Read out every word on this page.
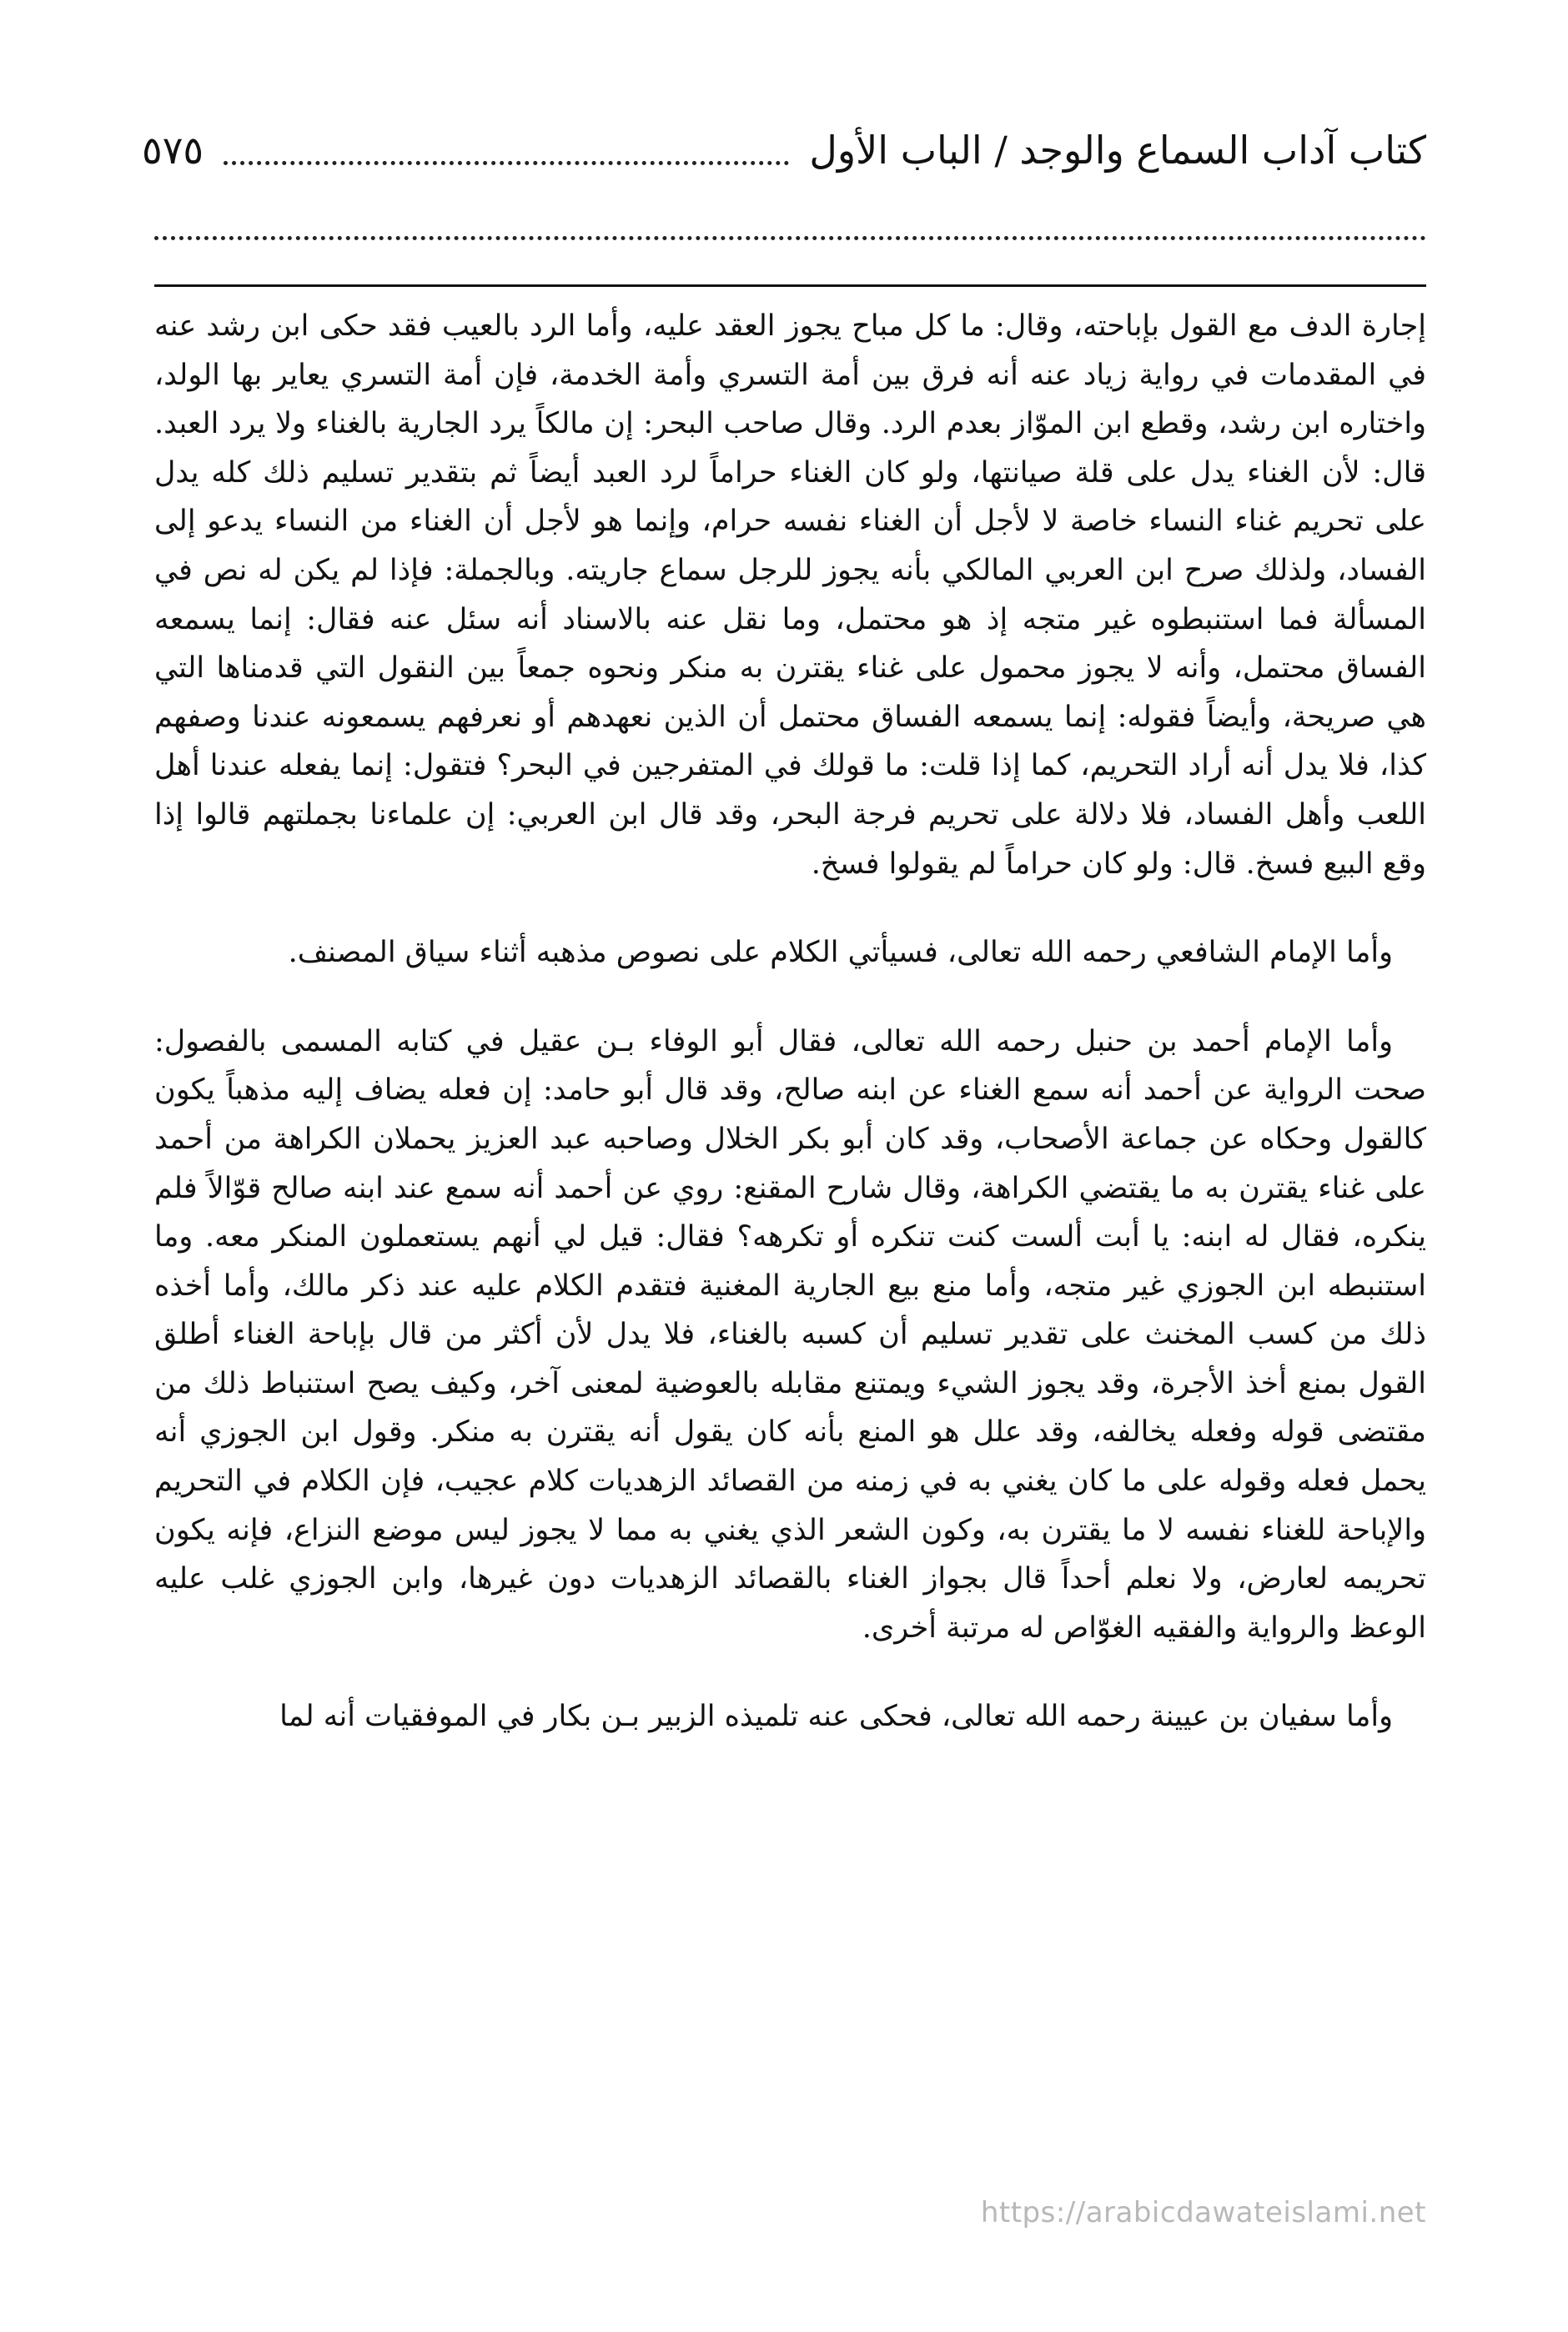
كتاب آداب السماع والوجد / الباب الأول
٥٧٥

إجارة الدف مع القول بإباحته، وقال: ما كل مباح يجوز العقد عليه، وأما الرد بالعيب فقد حكى ابن رشد عنه في المقدمات في رواية زياد عنه أنه فرق بين أمة التسري وأمة الخدمة، فإن أمة التسري يعاير بها الولد، واختاره ابن رشد، وقطع ابن الموّاز بعدم الرد. وقال صاحب البحر: إن مالكاً يرد الجارية بالغناء ولا يرد العبد. قال: لأن الغناء يدل على قلة صيانتها، ولو كان الغناء حراماً لرد العبد أيضاً ثم بتقدير تسليم ذلك كله يدل على تحريم غناء النساء خاصة لا لأجل أن الغناء نفسه حرام، وإنما هو لأجل أن الغناء من النساء يدعو إلى الفساد، ولذلك صرح ابن العربي المالكي بأنه يجوز للرجل سماع جاريته. وبالجملة: فإذا لم يكن له نص في المسألة فما استنبطوه غير متجه إذ هو محتمل، وما نقل عنه بالاسناد أنه سئل عنه فقال: إنما يسمعه الفساق محتمل، وأنه لا يجوز محمول على غناء يقترن به منكر ونحوه جمعاً بين النقول التي قدمناها التي هي صريحة، وأيضاً فقوله: إنما يسمعه الفساق محتمل أن الذين نعهدهم أو نعرفهم يسمعونه عندنا وصفهم كذا، فلا يدل أنه أراد التحريم، كما إذا قلت: ما قولك في المتفرجين في البحر؟ فتقول: إنما يفعله عندنا أهل اللعب وأهل الفساد، فلا دلالة على تحريم فرجة البحر، وقد قال ابن العربي: إن علماءنا بجملتهم قالوا إذا وقع البيع فسخ. قال: ولو كان حراماً لم يقولوا فسخ.

وأما الإمام الشافعي رحمه الله تعالى، فسيأتي الكلام على نصوص مذهبه أثناء سياق المصنف.

وأما الإمام أحمد بن حنبل رحمه الله تعالى، فقال أبو الوفاء بـن عقيل في كتابه المسمى بالفصول: صحت الرواية عن أحمد أنه سمع الغناء عن ابنه صالح، وقد قال أبو حامد: إن فعله يضاف إليه مذهباً يكون كالقول وحكاه عن جماعة الأصحاب، وقد كان أبو بكر الخلال وصاحبه عبد العزيز يحملان الكراهة من أحمد على غناء يقترن به ما يقتضي الكراهة، وقال شارح المقنع: روي عن أحمد أنه سمع عند ابنه صالح قوّالاً فلم ينكره، فقال له ابنه: يا أبت ألست كنت تنكره أو تكرهه؟ فقال: قيل لي أنهم يستعملون المنكر معه. وما استنبطه ابن الجوزي غير متجه، وأما منع بيع الجارية المغنية فتقدم الكلام عليه عند ذكر مالك، وأما أخذه ذلك من كسب المخنث على تقدير تسليم أن كسبه بالغناء، فلا يدل لأن أكثر من قال بإباحة الغناء أطلق القول بمنع أخذ الأجرة، وقد يجوز الشيء ويمتنع مقابله بالعوضية لمعنى آخر، وكيف يصح استنباط ذلك من مقتضى قوله وفعله يخالفه، وقد علل هو المنع بأنه كان يقول أنه يقترن به منكر. وقول ابن الجوزي أنه يحمل فعله وقوله على ما كان يغني به في زمنه من القصائد الزهديات كلام عجيب، فإن الكلام في التحريم والإباحة للغناء نفسه لا ما يقترن به، وكون الشعر الذي يغني به مما لا يجوز ليس موضع النزاع، فإنه يكون تحريمه لعارض، ولا نعلم أحداً قال بجواز الغناء بالقصائد الزهديات دون غيرها، وابن الجوزي غلب عليه الوعظ والرواية والفقيه الغوّاص له مرتبة أخرى.

وأما سفيان بن عيينة رحمه الله تعالى، فحكى عنه تلميذه الزبير بـن بكار في الموفقيات أنه لما

https://arabicdawateislami.net
